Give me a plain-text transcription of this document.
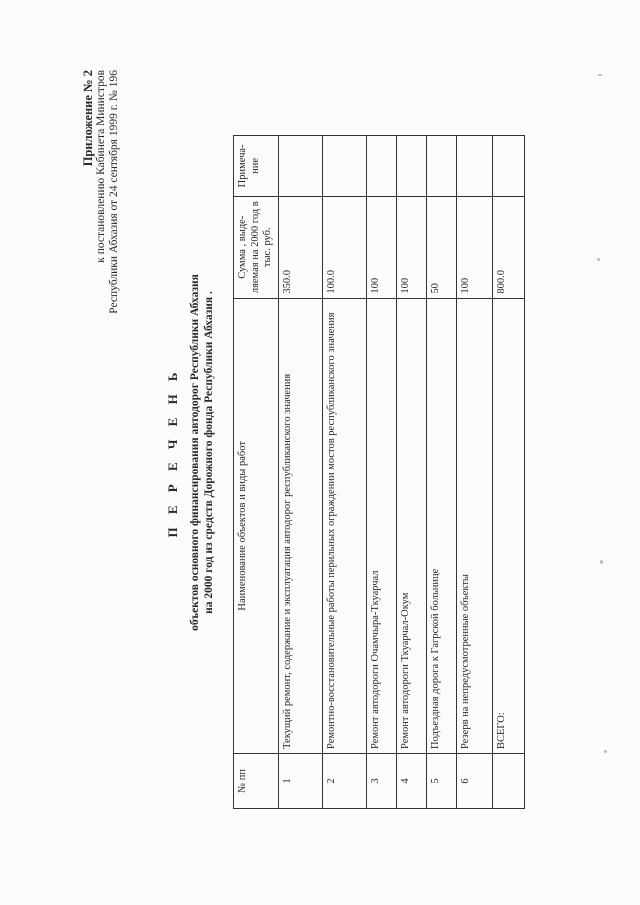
Приложение № 2 к постановлению Кабинета Министров Республики Абхазия от 24 сентября 1999 г. № 196
П Е Р Е Ч Е Н Ь объектов основного финансирования автодорог Республики Абхазия на 2000 год из средств Дорожного фонда Республики Абхазия .
№ пп	Наименование объектов и виды работ	Сумма , выде-ляемая на 2000 год в тыс. руб.	Примеча-ние
1	Текущий ремонт, содержание и эксплуатация автодорог республиканского значения	350.0	
2	Ремонтно-восстановительные работы перильных ограждении мостов республиканского значения	100.0	
3	Ремонт автодороги Очамчыра-Ткуарчал	100	
4	Ремонт автодороги Ткуарчал-Окум	100	
5	Подъездная дорога к Гагрской больнице	50	
6	Резерв на непредусмотренные объекты	100	
	ВСЕГО:	800.0	
